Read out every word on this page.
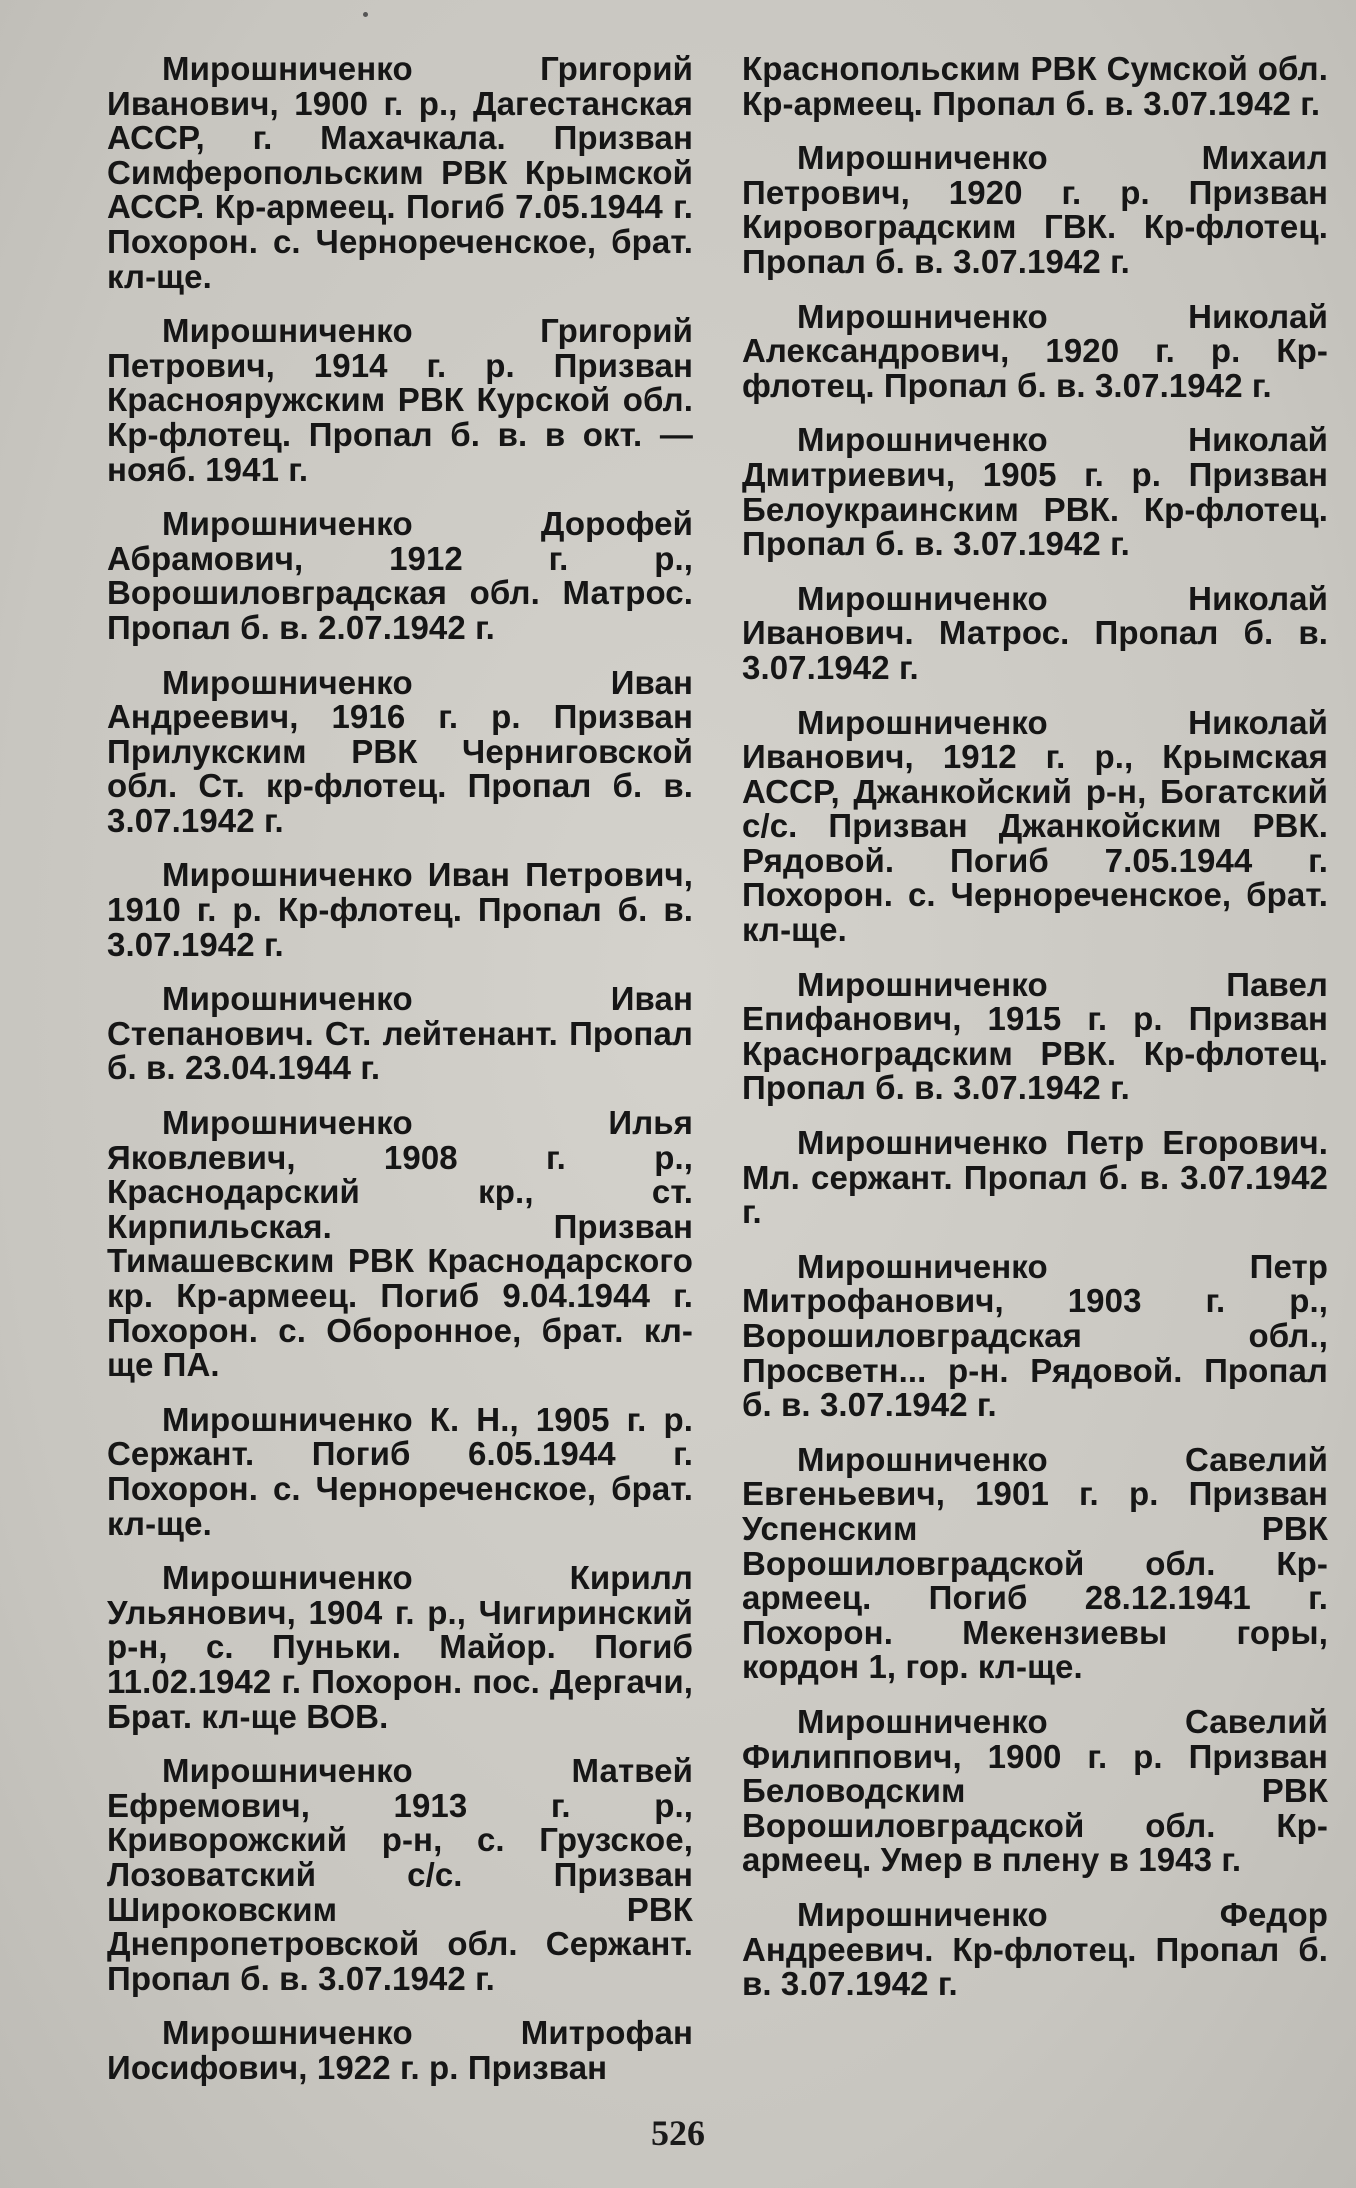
Мирошниченко Григорий Иванович, 1900 г. р., Дагестанская АССР, г. Махачкала. Призван Симферопольским РВК Крымской АССР. Кр-армеец. Погиб 7.05.1944 г. Похорон. с. Чернореченское, брат. кл-ще.

Мирошниченко Григорий Петрович, 1914 г. р. Призван Краснояружским РВК Курской обл. Кр-флотец. Пропал б. в. в окт. — нояб. 1941 г.

Мирошниченко Дорофей Абрамович, 1912 г. р., Ворошиловградская обл. Матрос. Пропал б. в. 2.07.1942 г.

Мирошниченко Иван Андреевич, 1916 г. р. Призван Прилукским РВК Черниговской обл. Ст. кр-флотец. Пропал б. в. 3.07.1942 г.

Мирошниченко Иван Петрович, 1910 г. р. Кр-флотец. Пропал б. в. 3.07.1942 г.

Мирошниченко Иван Степанович. Ст. лейтенант. Пропал б. в. 23.04.1944 г.

Мирошниченко Илья Яковлевич, 1908 г. р., Краснодарский кр., ст. Кирпильская. Призван Тимашевским РВК Краснодарского кр. Кр-армеец. Погиб 9.04.1944 г. Похорон. с. Оборонное, брат. кл-ще ПА.

Мирошниченко К. Н., 1905 г. р. Сержант. Погиб 6.05.1944 г. Похорон. с. Чернореченское, брат. кл-ще.

Мирошниченко Кирилл Ульянович, 1904 г. р., Чигиринский р-н, с. Пуньки. Майор. Погиб 11.02.1942 г. Похорон. пос. Дергачи, Брат. кл-ще ВОВ.

Мирошниченко Матвей Ефремович, 1913 г. р., Криворожский р-н, с. Грузское, Лозоватский с/с. Призван Широковским РВК Днепропетровской обл. Сержант. Пропал б. в. 3.07.1942 г.

Мирошниченко Митрофан Иосифович, 1922 г. р. Призван

Краснопольским РВК Сумской обл. Кр-армеец. Пропал б. в. 3.07.1942 г.

Мирошниченко Михаил Петрович, 1920 г. р. Призван Кировоградским ГВК. Кр-флотец. Пропал б. в. 3.07.1942 г.

Мирошниченко Николай Александрович, 1920 г. р. Кр-флотец. Пропал б. в. 3.07.1942 г.

Мирошниченко Николай Дмитриевич, 1905 г. р. Призван Белоукраинским РВК. Кр-флотец. Пропал б. в. 3.07.1942 г.

Мирошниченко Николай Иванович. Матрос. Пропал б. в. 3.07.1942 г.

Мирошниченко Николай Иванович, 1912 г. р., Крымская АССР, Джанкойский р-н, Богатский с/с. Призван Джанкойским РВК. Рядовой. Погиб 7.05.1944 г. Похорон. с. Чернореченское, брат. кл-ще.

Мирошниченко Павел Епифанович, 1915 г. р. Призван Красноградским РВК. Кр-флотец. Пропал б. в. 3.07.1942 г.

Мирошниченко Петр Егорович. Мл. сержант. Пропал б. в. 3.07.1942 г.

Мирошниченко Петр Митрофанович, 1903 г. р., Ворошиловградская обл., Просветн... р-н. Рядовой. Пропал б. в. 3.07.1942 г.

Мирошниченко Савелий Евгеньевич, 1901 г. р. Призван Успенским РВК Ворошиловградской обл. Кр-армеец. Погиб 28.12.1941 г. Похорон. Мекензиевы горы, кордон 1, гор. кл-ще.

Мирошниченко Савелий Филиппович, 1900 г. р. Призван Беловодским РВК Ворошиловградской обл. Кр-армеец. Умер в плену в 1943 г.

Мирошниченко Федор Андреевич. Кр-флотец. Пропал б. в. 3.07.1942 г.

526
